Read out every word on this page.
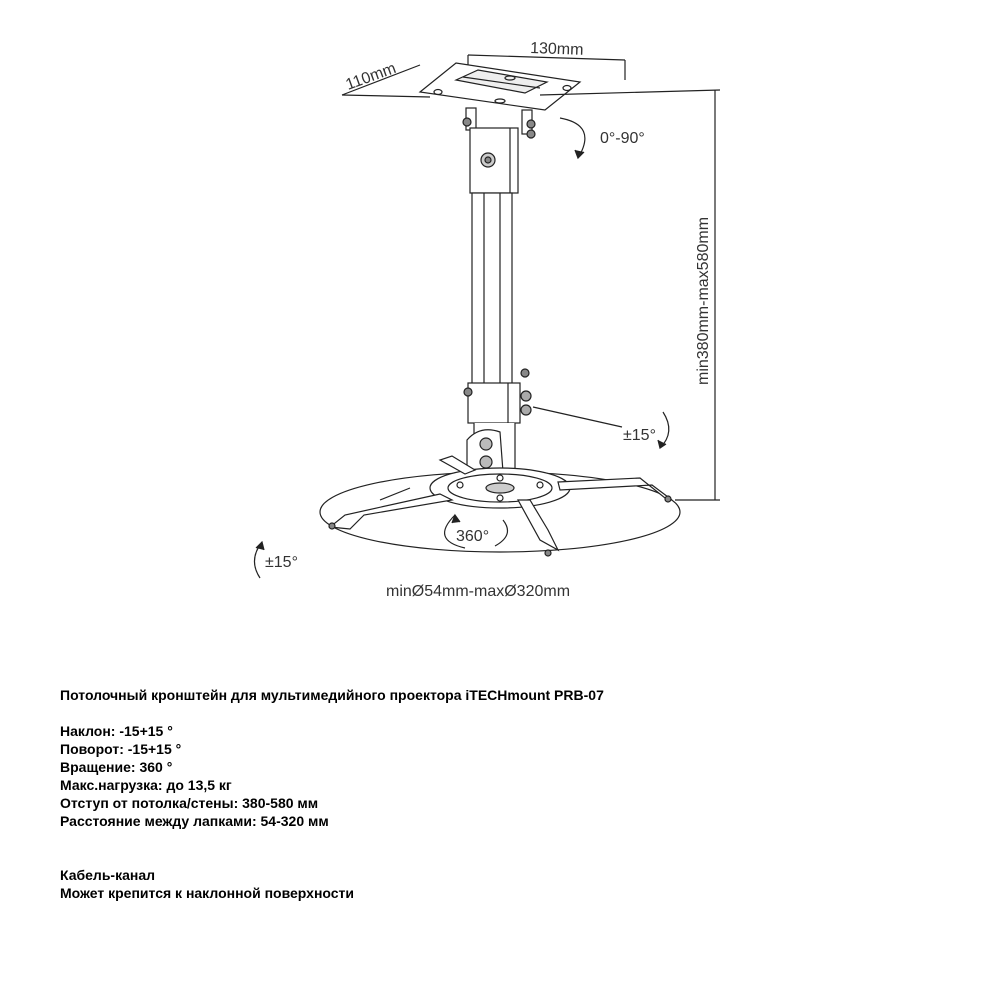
130mm
110mm
0°-90°
min380mm-max580mm
±15°
360°
±15°
minØ54mm-maxØ320mm
Потолочный кронштейн для мультимедийного проектора iTECHmount PRB-07
Наклон: -15+15 °
Поворот: -15+15 °
Вращение: 360 °
Макс.нагрузка: до 13,5 кг
Отступ от потолка/стены: 380-580 мм
Расстояние между лапками: 54-320 мм
Кабель-канал
Может крепится к наклонной поверхности
